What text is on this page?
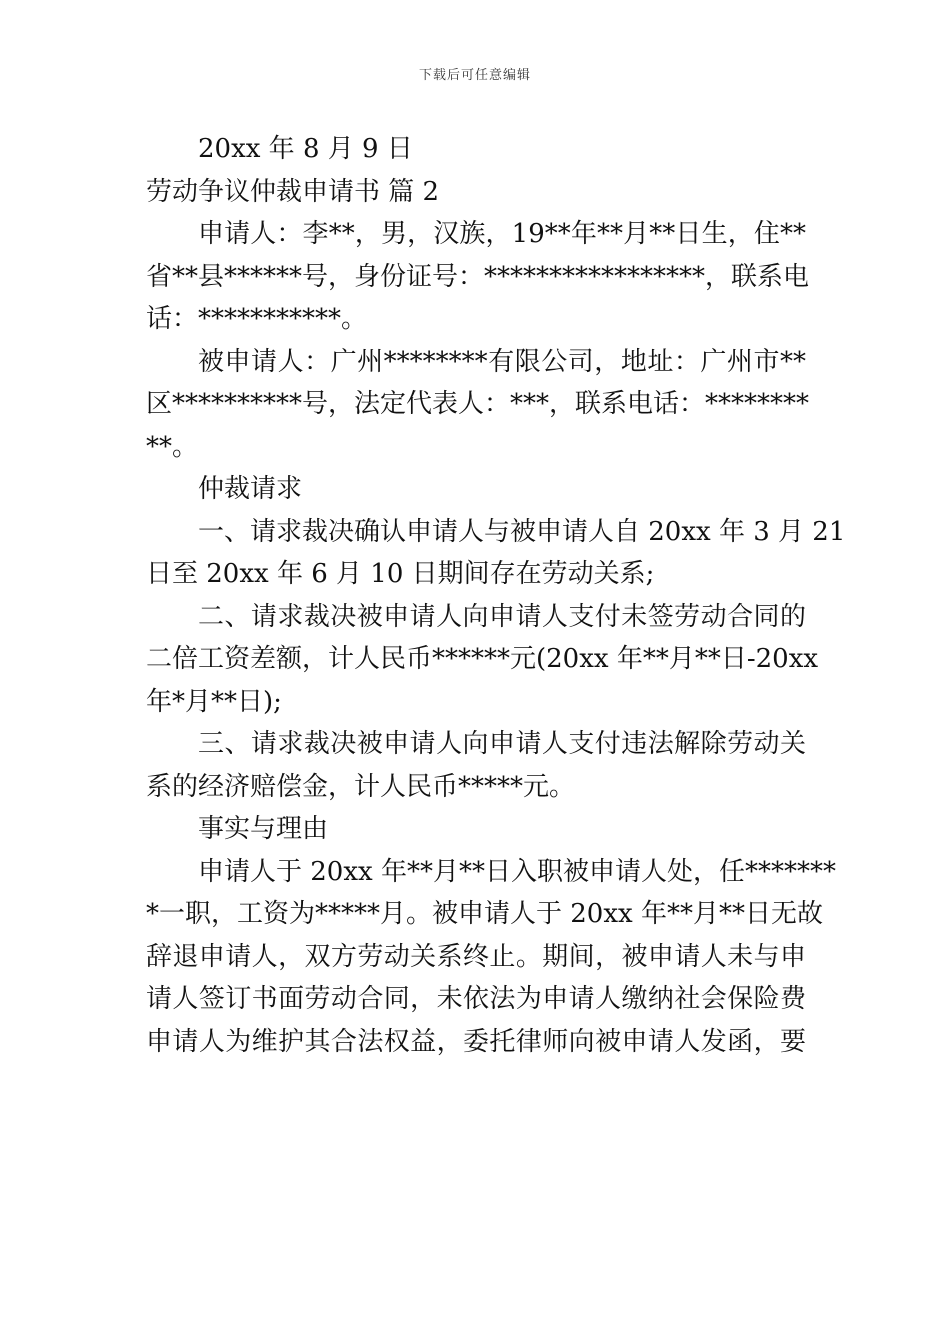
下载后可任意编辑
20xx 年 8 月 9 日
劳动争议仲裁申请书 篇 2
申请人：李**，男，汉族，19**年**月**日生，住**
省**县******号，身份证号：*****************，联系电
话：***********。
被申请人：广州********有限公司，地址：广州市**
区**********号，法定代表人：***，联系电话：********
**。
仲裁请求
一、请求裁决确认申请人与被申请人自 20xx 年 3 月 21
日至 20xx 年 6 月 10 日期间存在劳动关系;
二、请求裁决被申请人向申请人支付未签劳动合同的
二倍工资差额，计人民币******元(20xx 年**月**日-20xx
年*月**日);
三、请求裁决被申请人向申请人支付违法解除劳动关
系的经济赔偿金，计人民币*****元。
事实与理由
申请人于 20xx 年**月**日入职被申请人处，任*******
*一职，工资为*****月。被申请人于 20xx 年**月**日无故
辞退申请人，双方劳动关系终止。期间，被申请人未与申
请人签订书面劳动合同，未依法为申请人缴纳社会保险费
申请人为维护其合法权益，委托律师向被申请人发函，要
